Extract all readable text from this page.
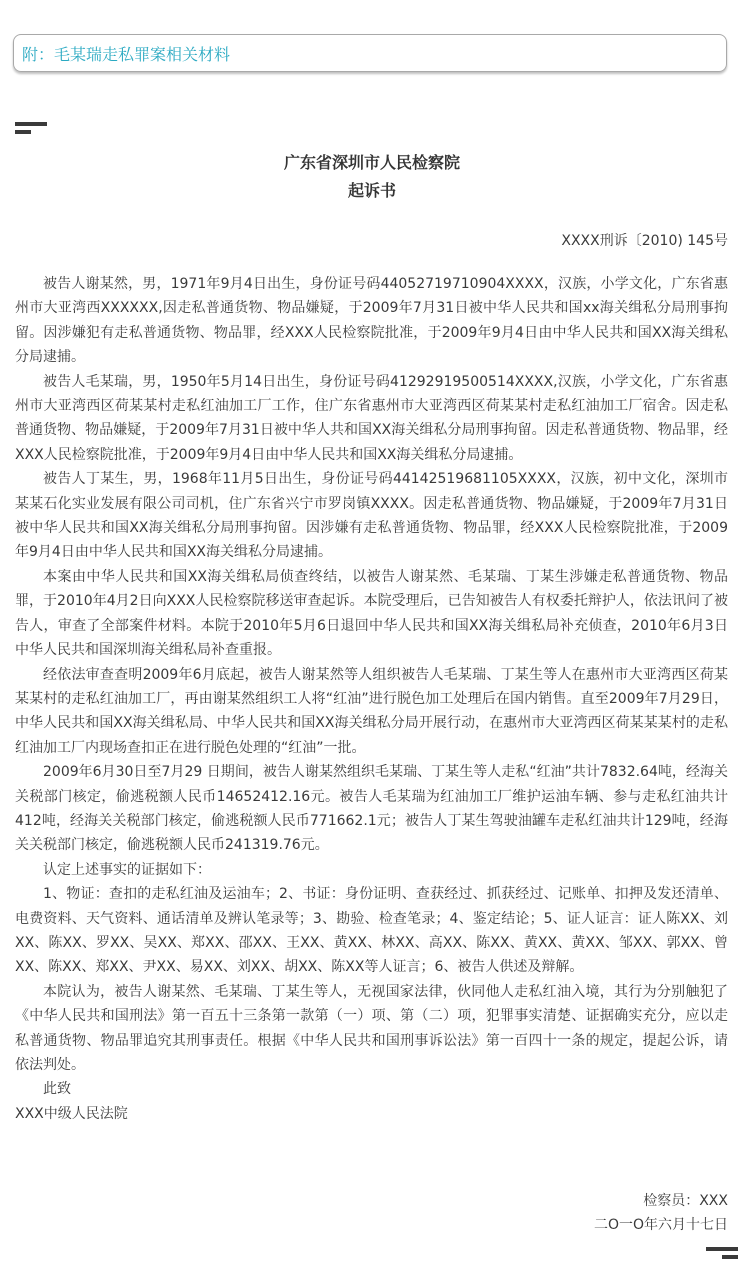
附：毛某瑞走私罪案相关材料
广东省深圳市人民检察院
起诉书
XXXX刑诉〔2010) 145号

被告人谢某然，男，1971年9月4日出生，身份证号码44052719710904XXXX，汉族，小学文化，广东省惠州市大亚湾西XXXXXX,因走私普通货物、物品嫌疑，于2009年7月31日被中华人民共和国xx海关缉私分局刑事拘留。因涉嫌犯有走私普通货物、物品罪，经XXX人民检察院批准，于2009年9月4日由中华人民共和国XX海关缉私分局逮捕。

被告人毛某瑞，男，1950年5月14日出生，身份证号码41292919500514XXXX,汉族，小学文化，广东省惠州市大亚湾西区荷某某村走私红油加工厂工作，住广东省惠州市大亚湾西区荷某某村走私红油加工厂宿舍。因走私普通货物、物品嫌疑，于2009年7月31日被中华人共和国XX海关缉私分局刑事拘留。因走私普通货物、物品罪，经XXX人民检察院批准，于2009年9月4日由中华人民共和国XX海关缉私分局逮捕。

被告人丁某生，男，1968年11月5日出生，身份证号码44142519681105XXXX，汉族，初中文化，深圳市某某石化实业发展有限公司司机，住广东省兴宁市罗岗镇XXXX。因走私普通货物、物品嫌疑，于2009年7月31日被中华人民共和国XX海关缉私分局刑事拘留。因涉嫌有走私普通货物、物品罪，经XXX人民检察院批准，于2009年9月4日由中华人民共和国XX海关缉私分局逮捕。

本案由中华人民共和国XX海关缉私局侦查终结，以被告人谢某然、毛某瑞、丁某生涉嫌走私普通货物、物品罪，于2010年4月2日向XXX人民检察院移送审查起诉。本院受理后，已告知被告人有权委托辩护人，依法讯问了被告人，审查了全部案件材料。本院于2010年5月6日退回中华人民共和国XX海关缉私局补充侦查，2010年6月3日中华人民共和国深圳海关缉私局补查重报。

经依法审查查明2009年6月底起，被告人谢某然等人组织被告人毛某瑞、丁某生等人在惠州市大亚湾西区荷某某某村的走私红油加工厂，再由谢某然组织工人将“红油”进行脱色加工处理后在国内销售。直至2009年7月29日，中华人民共和国XX海关缉私局、中华人民共和国XX海关缉私分局开展行动，在惠州市大亚湾西区荷某某某村的走私红油加工厂内现场查扣正在进行脱色处理的“红油”一批。

2009年6月30日至7月29 日期间，被告人谢某然组织毛某瑞、丁某生等人走私“红油”共计7832.64吨，经海关关税部门核定，偷逃税额人民币14652412.16元。被告人毛某瑞为红油加工厂维护运油车辆、参与走私红油共计412吨，经海关关税部门核定，偷逃税额人民币771662.1元；被告人丁某生驾驶油罐车走私红油共计129吨，经海关关税部门核定，偷逃税额人民币241319.76元。

认定上述事实的证据如下：

1、物证：查扣的走私红油及运油车；2、书证：身份证明、查获经过、抓获经过、记账单、扣押及发还清单、电费资料、天气资料、通话清单及辨认笔录等；3、勘验、检查笔录；4、鉴定结论；5、证人证言：证人陈XX、刘XX、陈XX、罗XX、吴XX、郑XX、邵XX、王XX、黄XX、林XX、高XX、陈XX、黄XX、黄XX、邹XX、郭XX、曾XX、陈XX、郑XX、尹XX、易XX、刘XX、胡XX、陈XX等人证言；6、被告人供述及辩解。

本院认为，被告人谢某然、毛某瑞、丁某生等人，无视国家法律，伙同他人走私红油入境，其行为分别触犯了《中华人民共和国刑法》第一百五十三条第一款第（一）项、第（二）项，犯罪事实清楚、证据确实充分，应以走私普通货物、物品罪追究其刑事责任。根据《中华人民共和国刑事诉讼法》第一百四十一条的规定，提起公诉，请依法判处。

此致

XXX中级人民法院

检察员：XXX
二O一O年六月十七日
